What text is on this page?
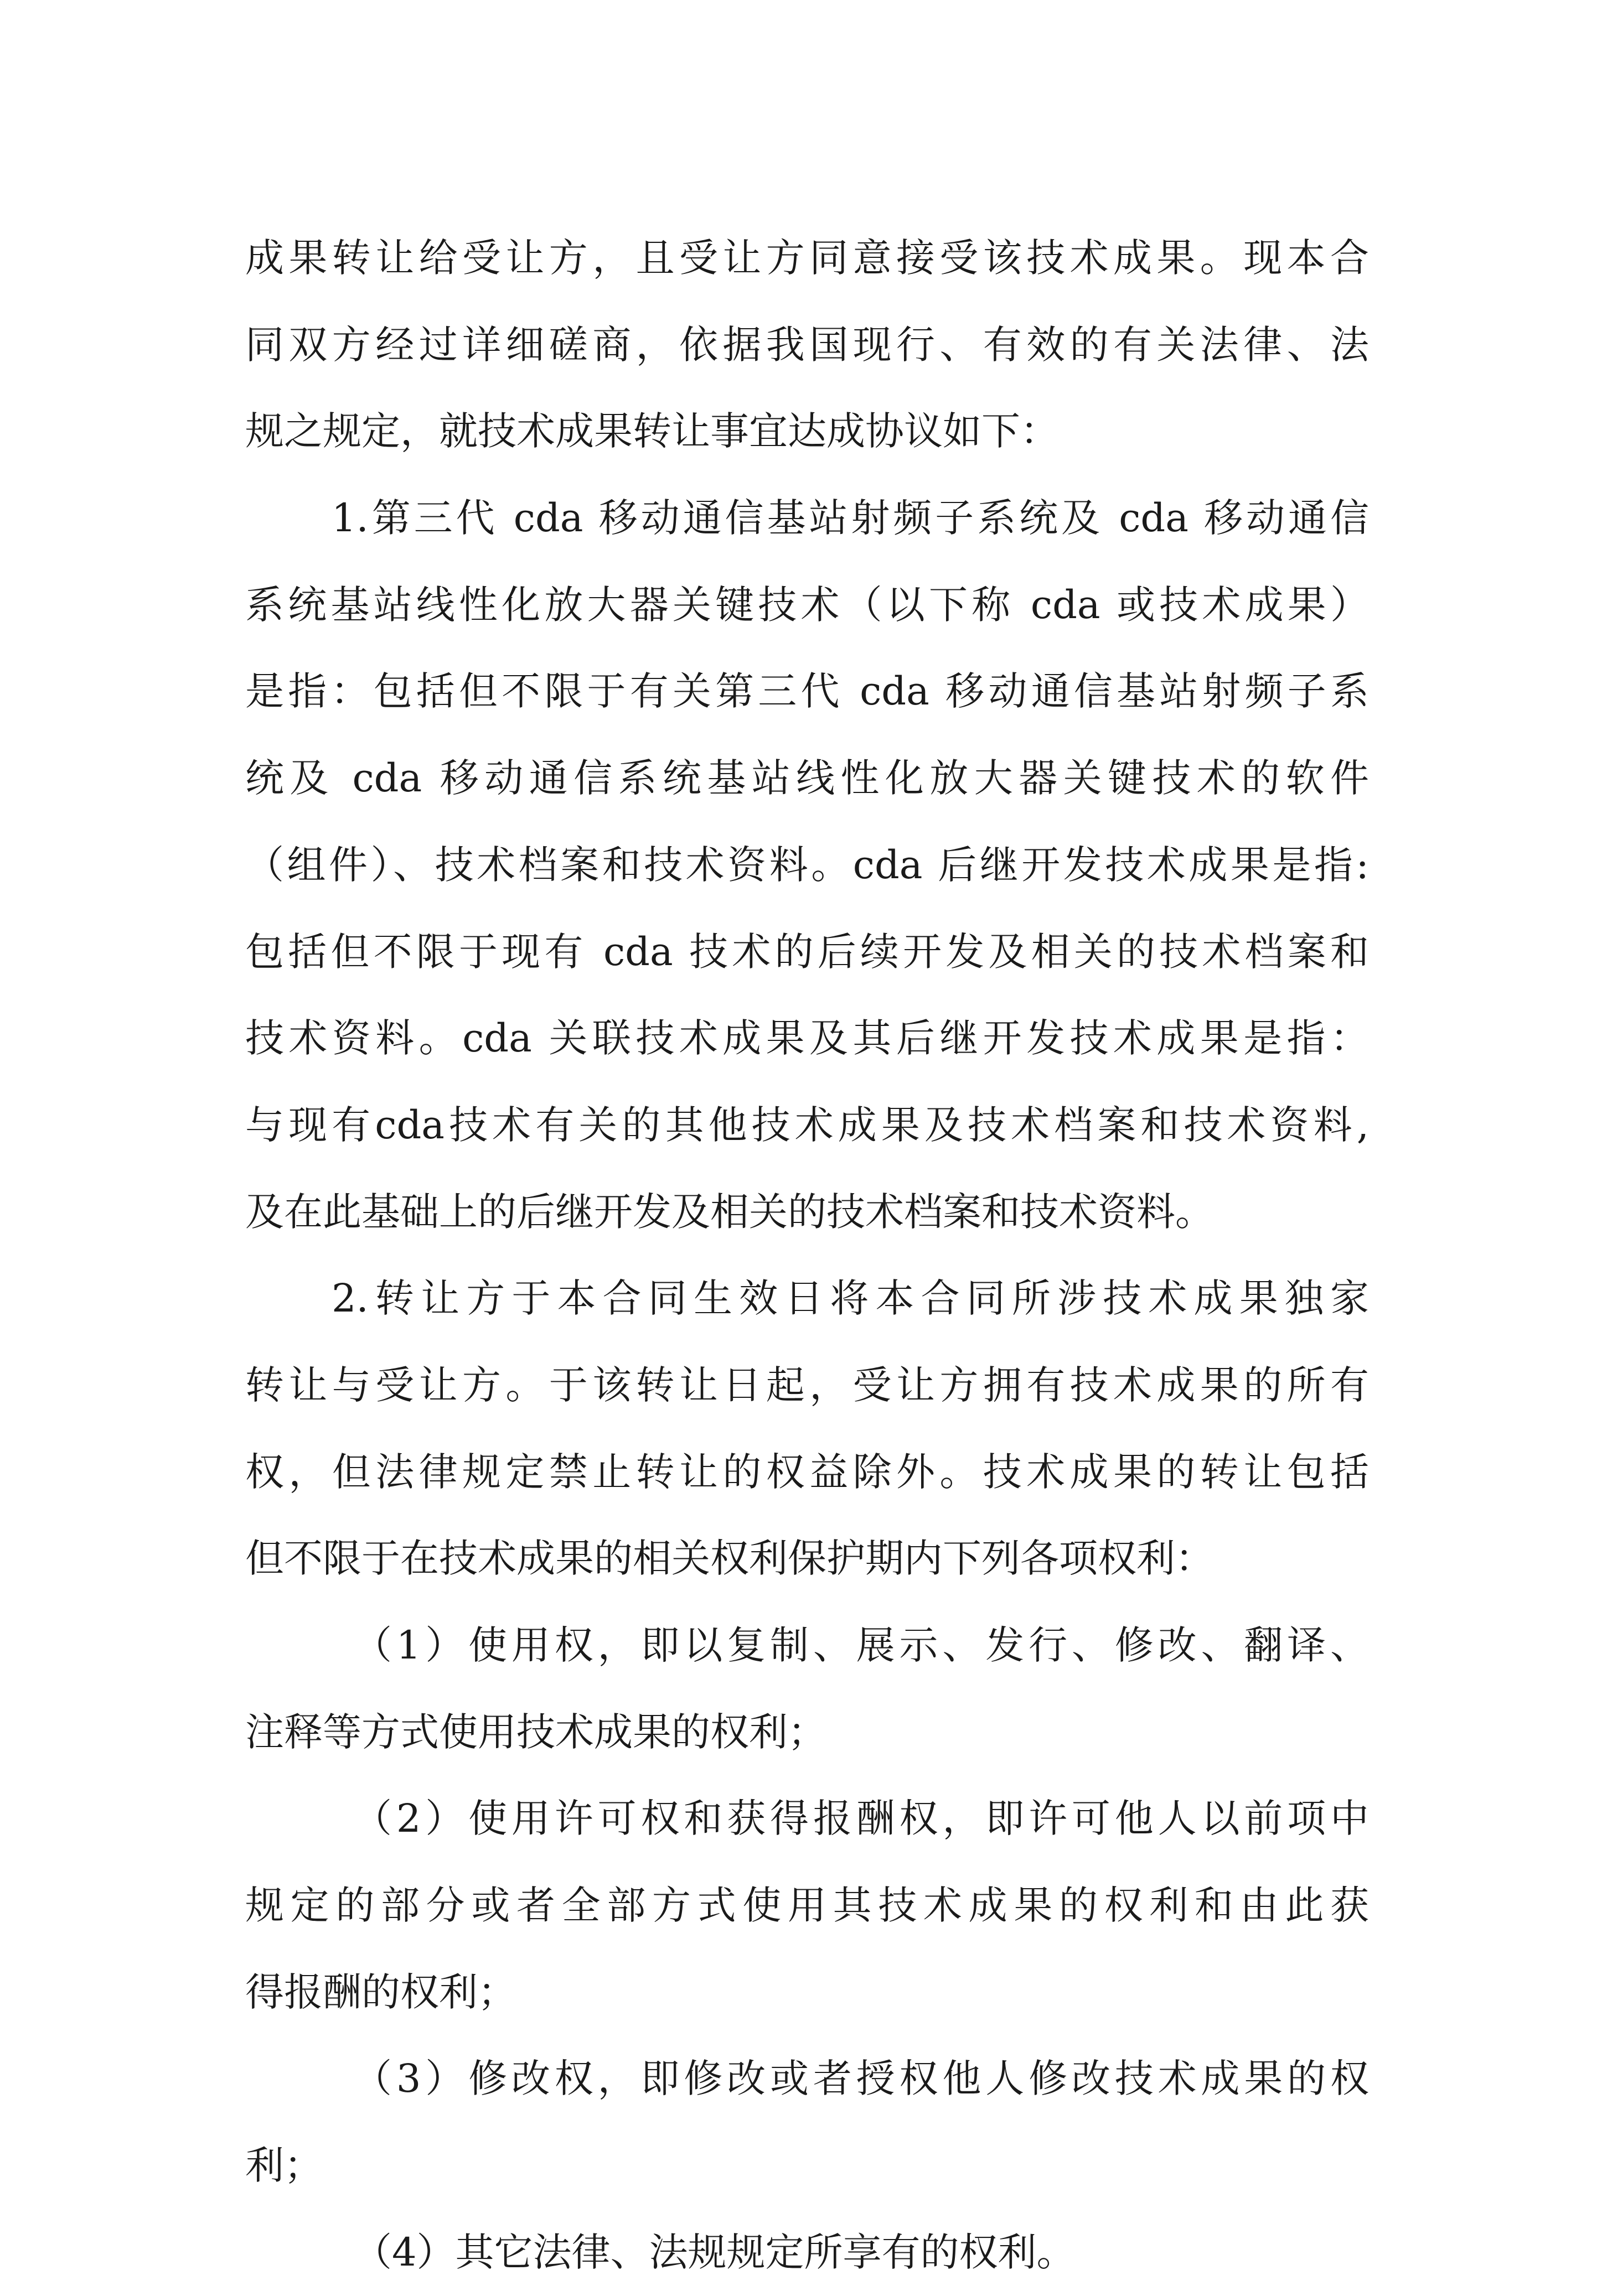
成果转让给受让方，且受让方同意接受该技术成果。现本合
同双方经过详细磋商，依据我国现行、有效的有关法律、法
规之规定，就技术成果转让事宜达成协议如下：
1.第三代 cda 移动通信基站射频子系统及 cda 移动通信
系统基站线性化放大器关键技术（以下称 cda 或技术成果）
是指：包括但不限于有关第三代 cda 移动通信基站射频子系
统及 cda 移动通信系统基站线性化放大器关键技术的软件
（组件）、技术档案和技术资料。cda 后继开发技术成果是指:
包括但不限于现有 cda 技术的后续开发及相关的技术档案和
技术资料。cda 关联技术成果及其后继开发技术成果是指：
与现有cda技术有关的其他技术成果及技术档案和技术资料,
及在此基础上的后继开发及相关的技术档案和技术资料。
2.转让方于本合同生效日将本合同所涉技术成果独家
转让与受让方。于该转让日起，受让方拥有技术成果的所有
权，但法律规定禁止转让的权益除外。技术成果的转让包括
但不限于在技术成果的相关权利保护期内下列各项权利：
（1）使用权，即以复制、展示、发行、修改、翻译、
注释等方式使用技术成果的权利；
（2）使用许可权和获得报酬权，即许可他人以前项中
规定的部分或者全部方式使用其技术成果的权利和由此获
得报酬的权利；
（3）修改权，即修改或者授权他人修改技术成果的权
利；
（4）其它法律、法规规定所享有的权利。
